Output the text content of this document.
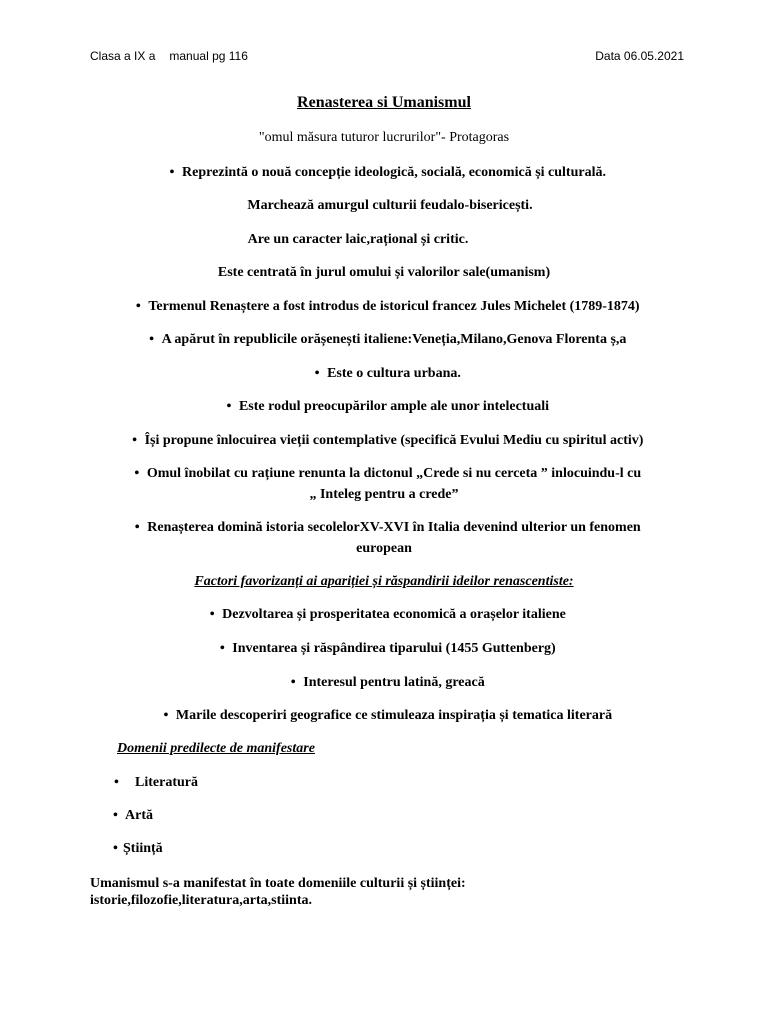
Clasa a IX a manual pg 116	Data 06.05.2021
Renasterea si Umanismul
"omul măsura tuturor lucrurilor"- Protagoras
• Reprezintă o nouă concepție ideologică, socială, economică și culturală.
Marchează amurgul culturii feudalo-bisericești.
Are un caracter laic,rațional și critic.
Este centrată în jurul omului și valorilor sale(umanism)
• Termenul Renaștere a fost introdus de istoricul francez Jules Michelet (1789-1874)
• A apărut în republicile orășenești italiene:Veneția,Milano,Genova Florenta ș,a
• Este o cultura urbana.
• Este rodul preocupărilor ample ale unor intelectuali
• Își propune înlocuirea vieții contemplative (specifică Evului Mediu cu spiritul activ)
• Omul înobilat cu rațiune renunta la dictonul „Crede si nu cerceta ” inlocuindu-l cu
„ Inteleg pentru a crede”
• Renașterea domină istoria secolelorXV-XVI în Italia devenind ulterior un fenomen
european
Factori favorizanți ai apariției și răspandirii ideilor renascentiste:
• Dezvoltarea și prosperitatea economică a orașelor italiene
• Inventarea și răspândirea tiparului (1455 Guttenberg)
• Interesul pentru latină, greacă
• Marile descoperiri geografice ce stimuleaza inspirația și tematica literară
Domenii predilecte de manifestare
• Literatură
• Artă
• Știință
Umanismul s-a manifestat în toate domeniile culturii și științei:
istorie,filozofie,literatura,arta,stiinta.
